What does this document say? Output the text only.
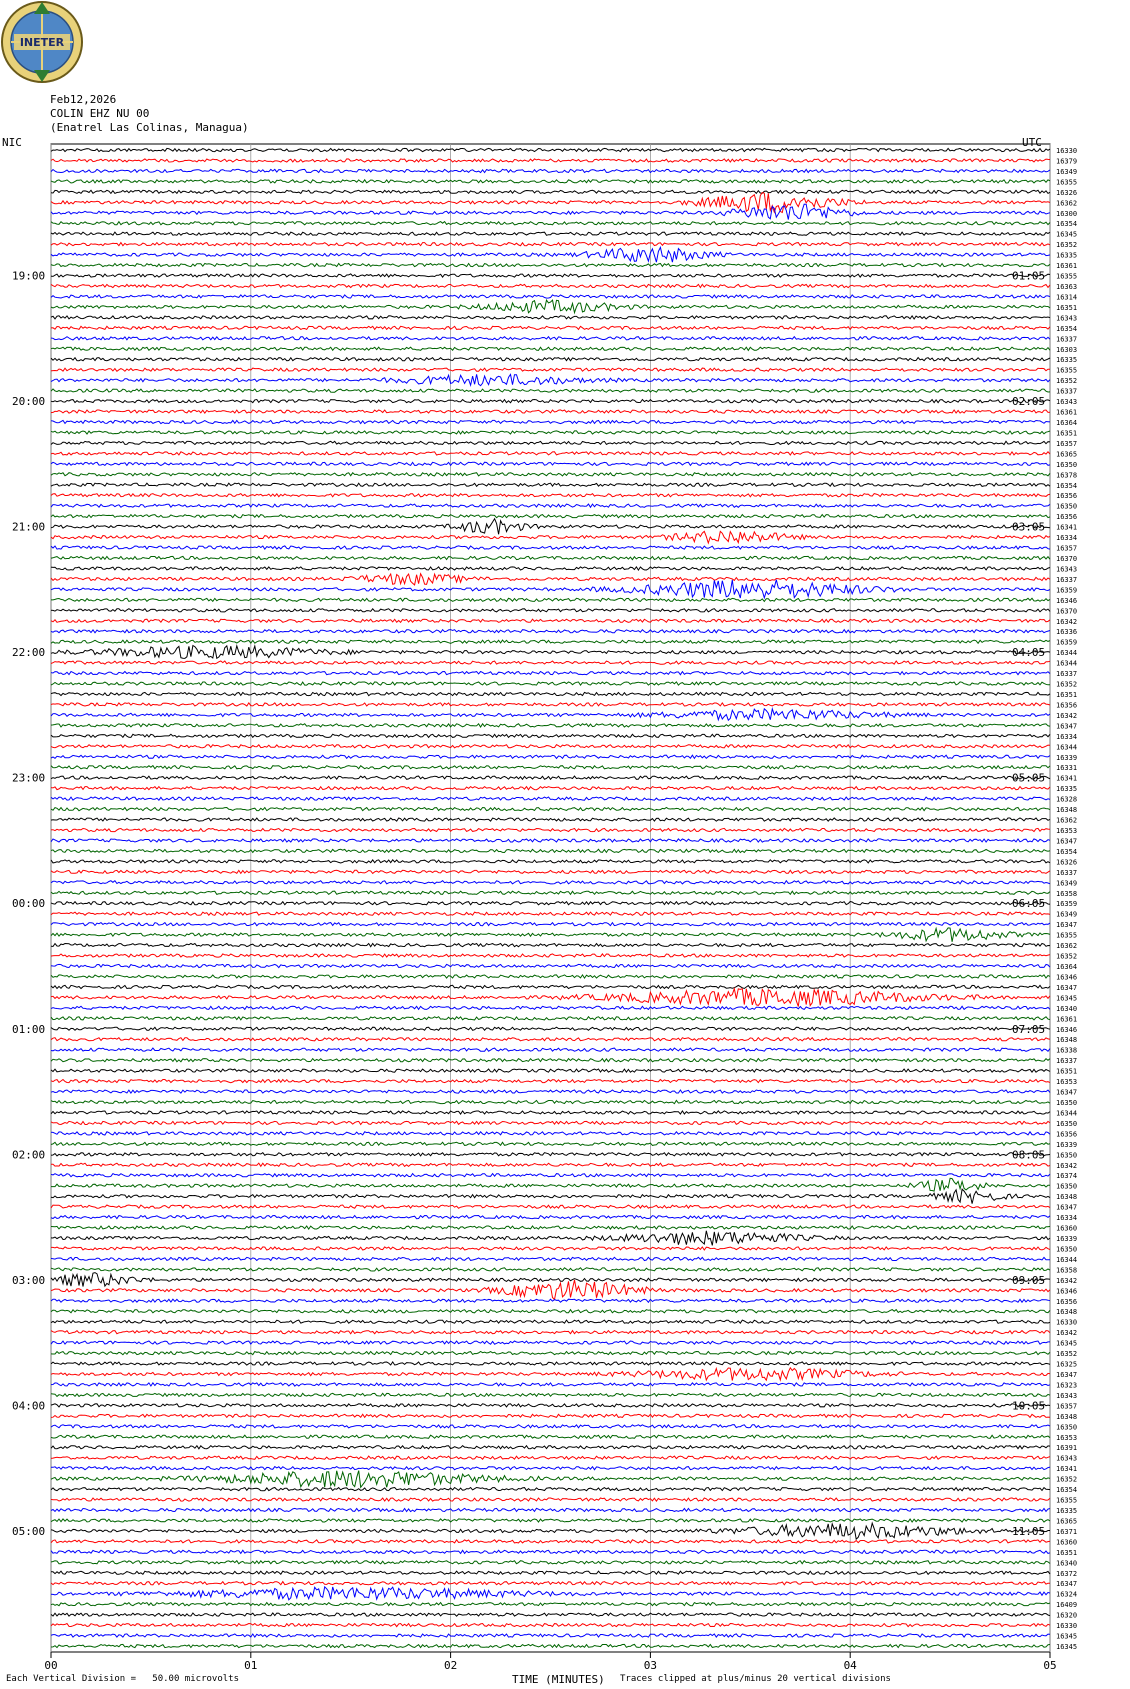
INETER
Feb12,2026
COLIN EHZ NU 00
(Enatrel Las Colinas, Managua)
00	01	02	03	04	05
16330
16379
16349
16355
16326
16362
16300
16354
16345
16352
16335
16361
16355
16363
16314
16351
16343
16354
16337
16303
16335
16355
16352
16337
16343
16361
16364
16351
16357
16365
16350
16378
16354
16356
16350
16356
16341
16334
16357
16370
16343
16337
16359
16346
16370
16342
16336
16359
16344
16344
16337
16352
16351
16356
16342
16347
16334
16344
16339
16331
16341
16335
16328
16348
16362
16353
16347
16354
16326
16337
16349
16358
16359
16349
16347
16355
16362
16352
16364
16346
16347
16345
16340
16361
16346
16348
16338
16337
16351
16353
16347
16350
16344
16350
16356
16339
16350
16342
16374
16350
16348
16347
16334
16360
16339
16350
16344
16358
16342
16346
16356
16348
16330
16342
16345
16352
16325
16347
16323
16343
16357
16348
16350
16353
16391
16343
16341
16352
16354
16355
16335
16365
16371
16360
16351
16340
16372
16347
16324
16409
16320
16330
16345
16345
NIC	UTC
19:00
20:00
21:00
22:00
23:00
00:00
01:00
02:00
03:00
04:00
05:00
01:05
02:05
03:05
04:05
05:05
06:05
07:05
08:05
09:05
10:05
11:05
Each Vertical Division =   50.00 microvolts	TIME (MINUTES) Traces clipped at plus/minus 20 vertical divisions
